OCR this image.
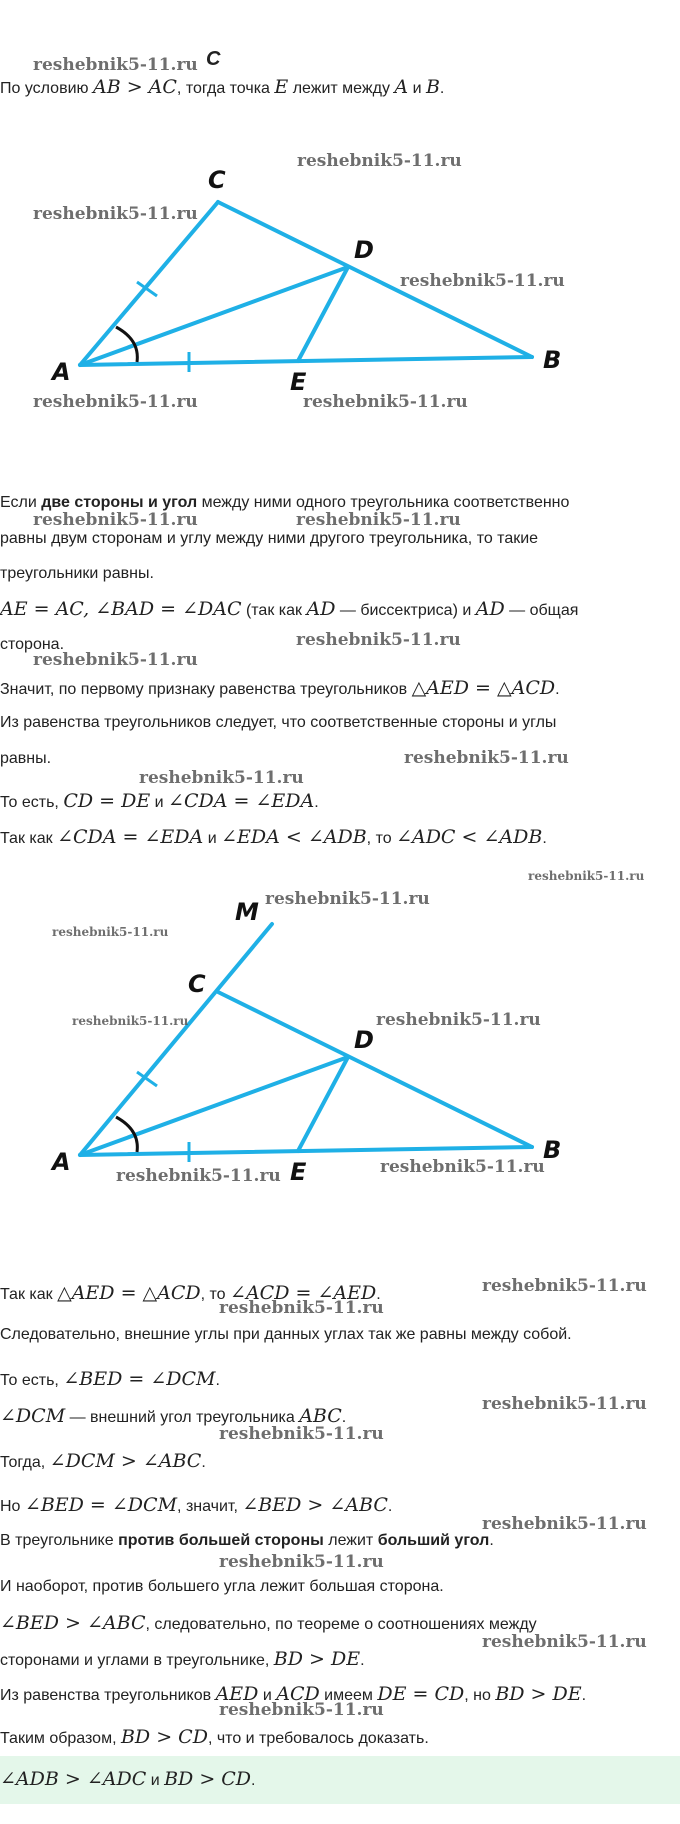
reshebnik5-11.ru C
По условию AB > AC, тогда точка E лежит между A и B.
C
D
A	E
B
reshebnik5-11.ru
reshebnik5-11.ru
reshebnik5-11.ru
reshebnik5-11.ru	reshebnik5-11.ru
Если две стороны и угол между ними одного треугольника соответственно
reshebnik5-11.ru	reshebnik5-11.ru
равны двум сторонам и углу между ними другого треугольника, то такие
треугольники равны.
AE = AC, ∠BAD = ∠DAC (так как AD — биссектриса) и AD — общая
сторона.	reshebnik5-11.ru
reshebnik5-11.ru
Значит, по первому признаку равенства треугольников △AED = △ACD.
Из равенства треугольников следует, что соответственные стороны и углы
равны.	reshebnik5-11.ru
reshebnik5-11.ru
То есть, CD = DE и ∠CDA = ∠EDA.
Так как ∠CDA = ∠EDA и ∠EDA < ∠ADB, то ∠ADC < ∠ADB.
reshebnik5-11.ru
M
C
D
A	E
B
reshebnik5-11.ru
reshebnik5-11.ru
reshebnik5-11.ru	reshebnik5-11.ru
reshebnik5-11.ru
reshebnik5-11.ru
Так как △AED = △ACD, то ∠ACD = ∠AED.	reshebnik5-11.ru
reshebnik5-11.ru
Следовательно, внешние углы при данных углах так же равны между собой.
То есть, ∠BED = ∠DCM.
reshebnik5-11.ru
∠DCM — внешний угол треугольника ABC.
reshebnik5-11.ru
Тогда, ∠DCM > ∠ABC.
Но ∠BED = ∠DCM, значит, ∠BED > ∠ABC.
reshebnik5-11.ru
В треугольнике против большей стороны лежит больший угол.
reshebnik5-11.ru
И наоборот, против большего угла лежит большая сторона.
∠BED > ∠ABC, следовательно, по теореме о соотношениях между
reshebnik5-11.ru
сторонами и углами в треугольнике, BD > DE.
Из равенства треугольников AED и ACD имеем DE = CD, но BD > DE.
reshebnik5-11.ru
Таким образом, BD > CD, что и требовалось доказать.
∠ADB > ∠ADC и BD > CD.
